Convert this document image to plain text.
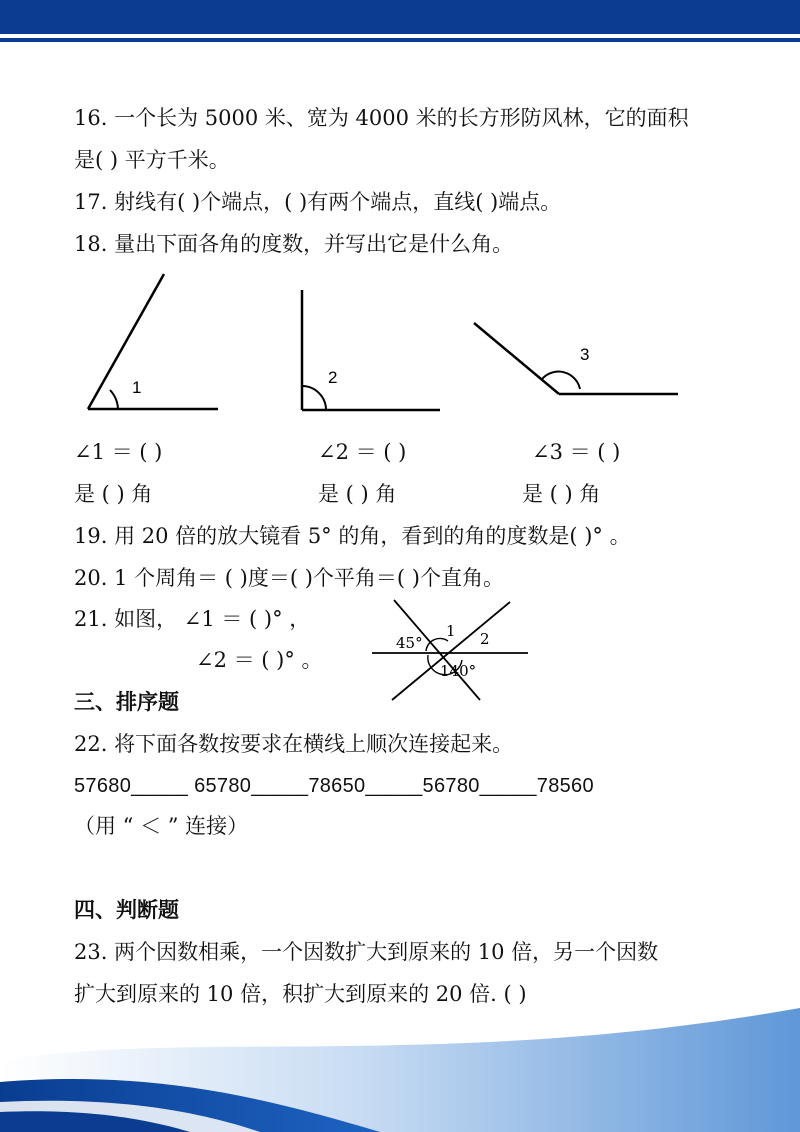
16. 一个长为 5000 米、宽为 4000 米的长方形防风林，它的面积
是( ) 平方千米。
17. 射线有( )个端点，( )有两个端点，直线( )端点。
18. 量出下面各角的度数，并写出它是什么角。
1
2
3
∠1 ＝ ( )	∠2 ＝ ( )	∠3 ＝ ( )
是 ( ) 角	是 ( ) 角	是 ( ) 角
19. 用 20 倍的放大镜看 5° 的角，看到的角的度数是( )° 。
20. 1 个周角＝ ( )度＝( )个平角＝( )个直角。
21. 如图， ∠1 ＝ ( )° ，
∠2 ＝ ( )° 。
45°
1 2
140°
三、排序题
22. 将下面各数按要求在横线上顺次连接起来。
57680_____ 65780_____78650_____56780_____78560
（用 “ ＜ ” 连接）
四、判断题
23. 两个因数相乘，一个因数扩大到原来的 10 倍，另一个因数
扩大到原来的 10 倍，积扩大到原来的 20 倍. ( )
